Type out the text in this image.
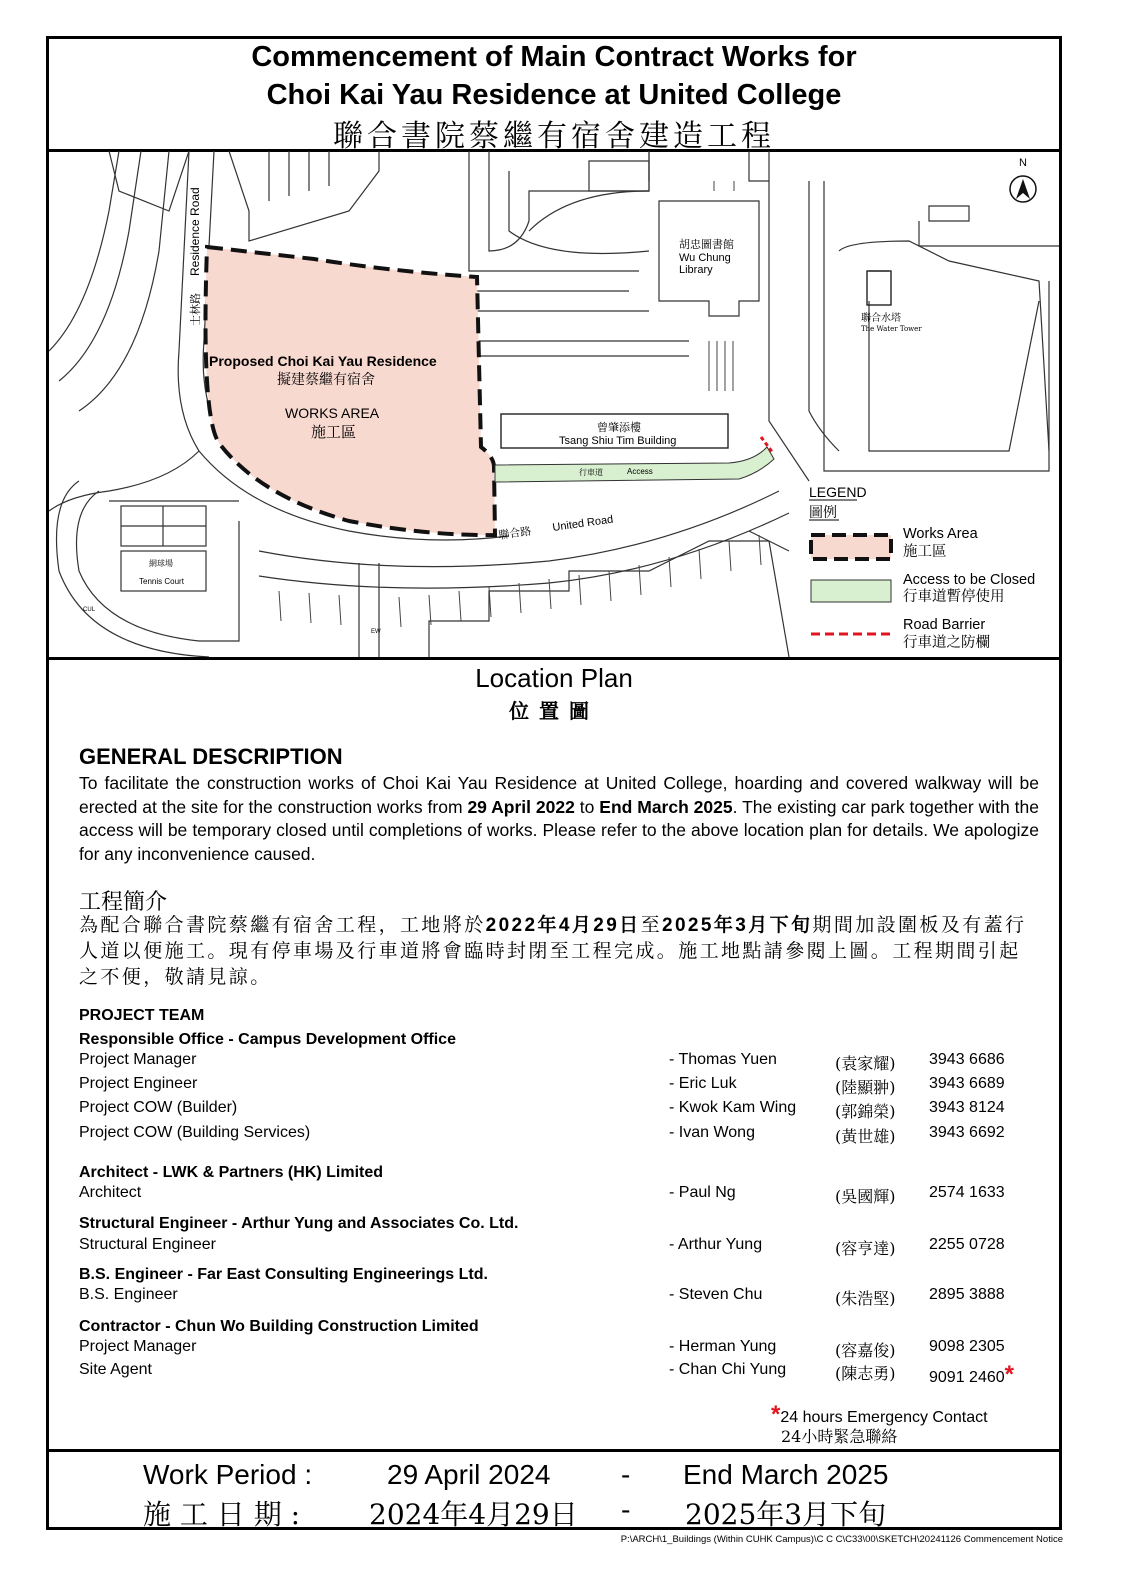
Commencement of Main Contract Works for
Choi Kai Yau Residence at United College
聯合書院蔡繼有宿舍建造工程
N
Residence Road
士林路
胡忠圖書館
Wu Chung
Library
聯合水塔
The Water Tower
Proposed Choi Kai Yau Residence
擬建蔡繼有宿舍
WORKS AREA
施工區	曾肇添樓
Tsang Shiu Tim Building
行車道	Access
聯合路 United Road
網球場
Tennis Court
EW
CUL
LEGEND
圖例
Works Area
施工區
Access to be Closed
行車道暫停使用
Road Barrier
行車道之防欄
Location Plan
位置圖
GENERAL DESCRIPTION
To facilitate the construction works of Choi Kai Yau Residence at United College, hoarding and covered walkway will be erected at the site for the construction works from 29 April 2022 to End March 2025. The existing car park together with the access will be temporary closed until completions of works. Please refer to the above location plan for details. We apologize for any inconvenience caused.
工程簡介
為配合聯合書院蔡繼有宿舍工程，工地將於2022年4月29日至2025年3月下旬期間加設圍板及有蓋行人道以便施工。現有停車場及行車道將會臨時封閉至工程完成。施工地點請參閱上圖。工程期間引起之不便，敬請見諒。
PROJECT TEAM
Responsible Office - Campus Development Office
Project Manager	- Thomas Yuen	(袁家耀) 3943 6686
Project Engineer	- Eric Luk	(陸顯翀) 3943 6689
Project COW (Builder)	- Kwok Kam Wing (郭錦榮) 3943 8124
Project COW (Building Services)	- Ivan Wong	(黃世雄) 3943 6692
Architect - LWK & Partners (HK) Limited
Architect	- Paul Ng	(吳國輝) 2574 1633
Structural Engineer - Arthur Yung and Associates Co. Ltd.
Structural Engineer	- Arthur Yung	(容亨達) 2255 0728
B.S. Engineer - Far East Consulting Engineerings Ltd.
B.S. Engineer	- Steven Chu	(朱浩堅) 2895 3888
Contractor - Chun Wo Building Construction Limited
Project Manager	- Herman Yung	(容嘉俊) 9098 2305
Site Agent	- Chan Chi Yung	(陳志勇) 9091 2460*
*24 hours Emergency Contact
24小時緊急聯絡
Work Period :	29 April 2024	- End March 2025
施 工 日 期 : 2024年4月29日 - 2025年3月下旬
P:\ARCH\1_Buildings (Within CUHK Campus)\C C C\C33\00\SKETCH\20241126 Commencement Notice
